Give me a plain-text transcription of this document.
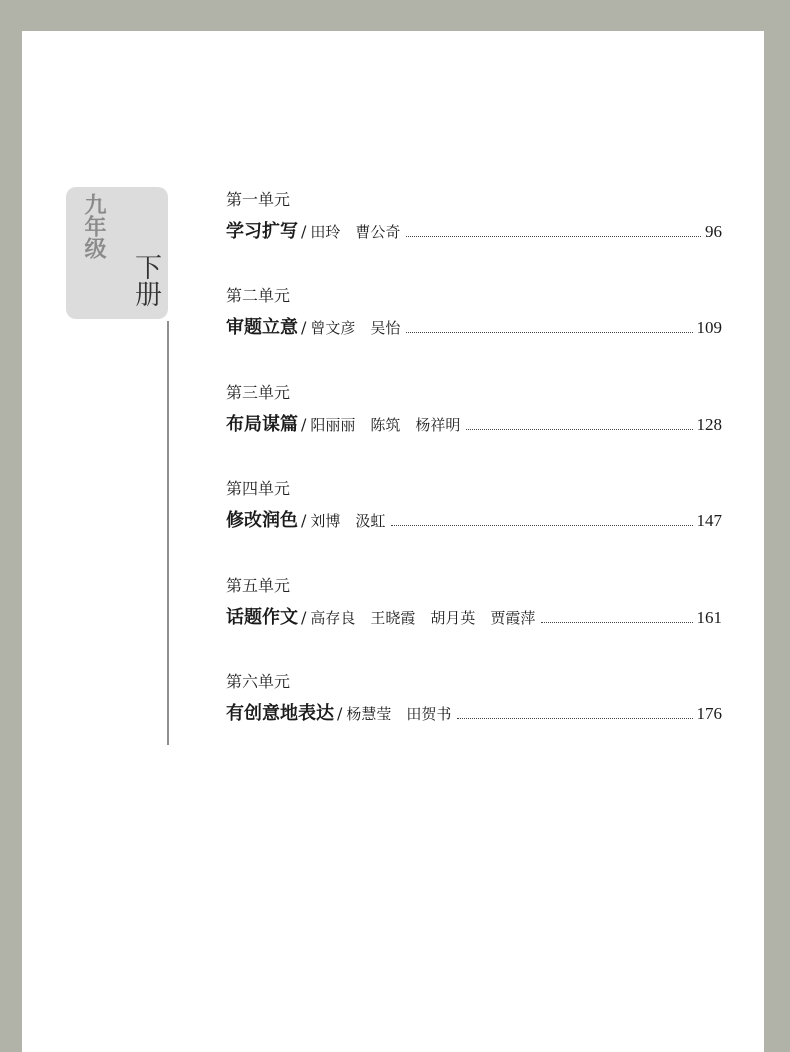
九年级
下册
第一单元
学习扩写 / 田玲　曹公奇	96
第二单元
审题立意 / 曾文彦　吴怡	109
第三单元
布局谋篇 / 阳丽丽　陈筑　杨祥明	128
第四单元
修改润色 / 刘博　汲虹	147
第五单元
话题作文 / 高存良　王晓霞　胡月英　贾霞萍	161
第六单元
有创意地表达 / 杨慧莹　田贺书	176
